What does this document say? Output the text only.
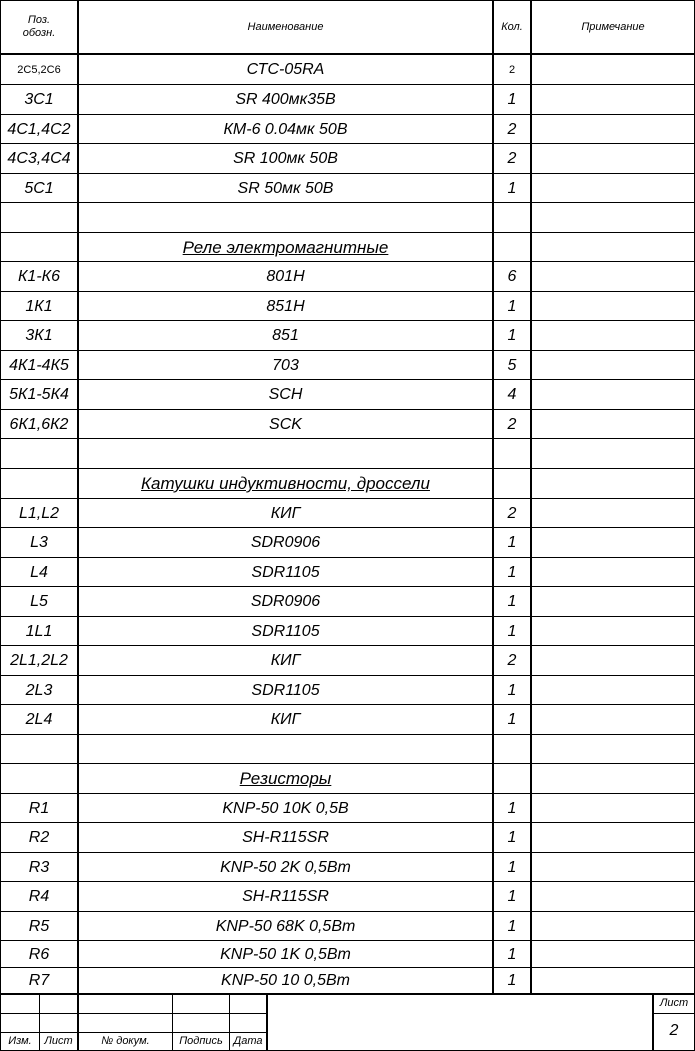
Поз.
обозн.
Наименование	Кол.	Примечание
2С5,2С6	СТС-05RA	2
3С1	SR 400мк35В	1
4С1,4С2	КМ-6 0.04мк 50В	2
4С3,4С4	SR 100мк 50В	2
5С1	SR 50мк 50В	1
Реле электромагнитные
К1-К6	801Н	6
1К1	851Н	1
3К1	851	1
4К1-4К5	703	5
5К1-5К4	SCH	4
6К1,6К2	SCK	2
Катушки индуктивности, дроссели
L1,L2	КИГ	2
L3	SDR0906	1
L4	SDR1105	1
L5	SDR0906	1
1L1	SDR1105	1
2L1,2L2	КИГ	2
2L3	SDR1105	1
2L4	КИГ	1
Резисторы
R1	KNP-50 10K 0,5В	1
R2	SH-R115SR	1
R3	KNP-50 2K 0,5Вт	1
R4	SH-R115SR	1
R5	KNP-50 68K 0,5Вт	1
R6	KNP-50 1K 0,5Вт	1
R7	KNP-50 10 0,5Вт	1
Изм.	Лист	№ докум.	Подпись Дата
Лист
2
